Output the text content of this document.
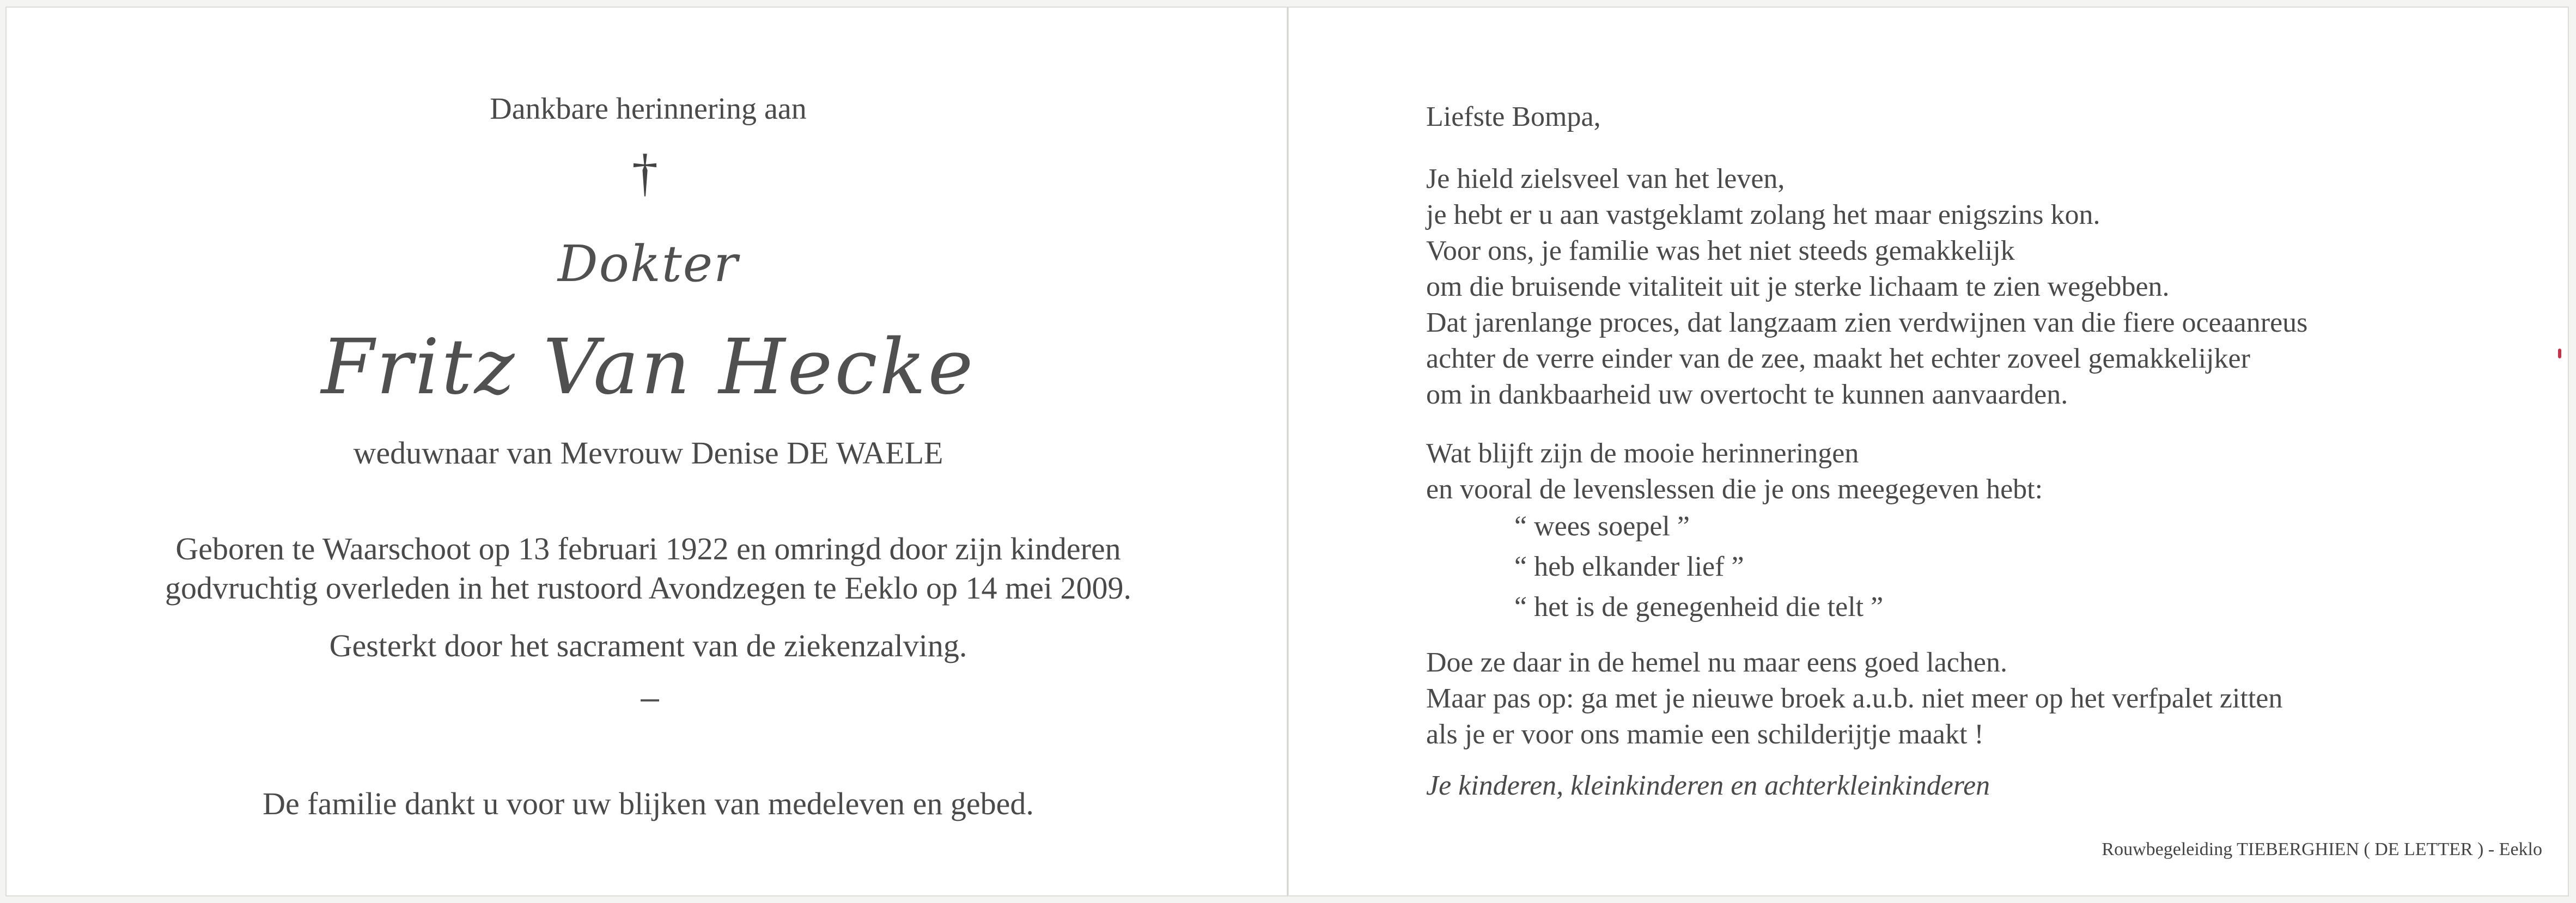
Dankbare herinnering aan
†
Dokter
Fritz Van Hecke
weduwnaar van Mevrouw Denise DE WAELE
Geboren te Waarschoot op 13 februari 1922 en omringd door zijn kinderen
godvruchtig overleden in het rustoord Avondzegen te Eeklo op 14 mei 2009.
Gesterkt door het sacrament van de ziekenzalving.
De familie dankt u voor uw blijken van medeleven en gebed.
Liefste Bompa,
Je hield zielsveel van het leven,
je hebt er u aan vastgeklamt zolang het maar enigszins kon.
Voor ons, je familie was het niet steeds gemakkelijk
om die bruisende vitaliteit uit je sterke lichaam te zien wegebben.
Dat jarenlange proces, dat langzaam zien verdwijnen van die fiere oceaanreus
achter de verre einder van de zee, maakt het echter zoveel gemakkelijker
om in dankbaarheid uw overtocht te kunnen aanvaarden.
Wat blijft zijn de mooie herinneringen
en vooral de levenslessen die je ons meegegeven hebt:
“ wees soepel ”
“ heb elkander lief ”
“ het is de genegenheid die telt ”
Doe ze daar in de hemel nu maar eens goed lachen.
Maar pas op: ga met je nieuwe broek a.u.b. niet meer op het verfpalet zitten
als je er voor ons mamie een schilderijtje maakt !
Je kinderen, kleinkinderen en achterkleinkinderen
Rouwbegeleiding TIEBERGHIEN ( DE LETTER ) - Eeklo
